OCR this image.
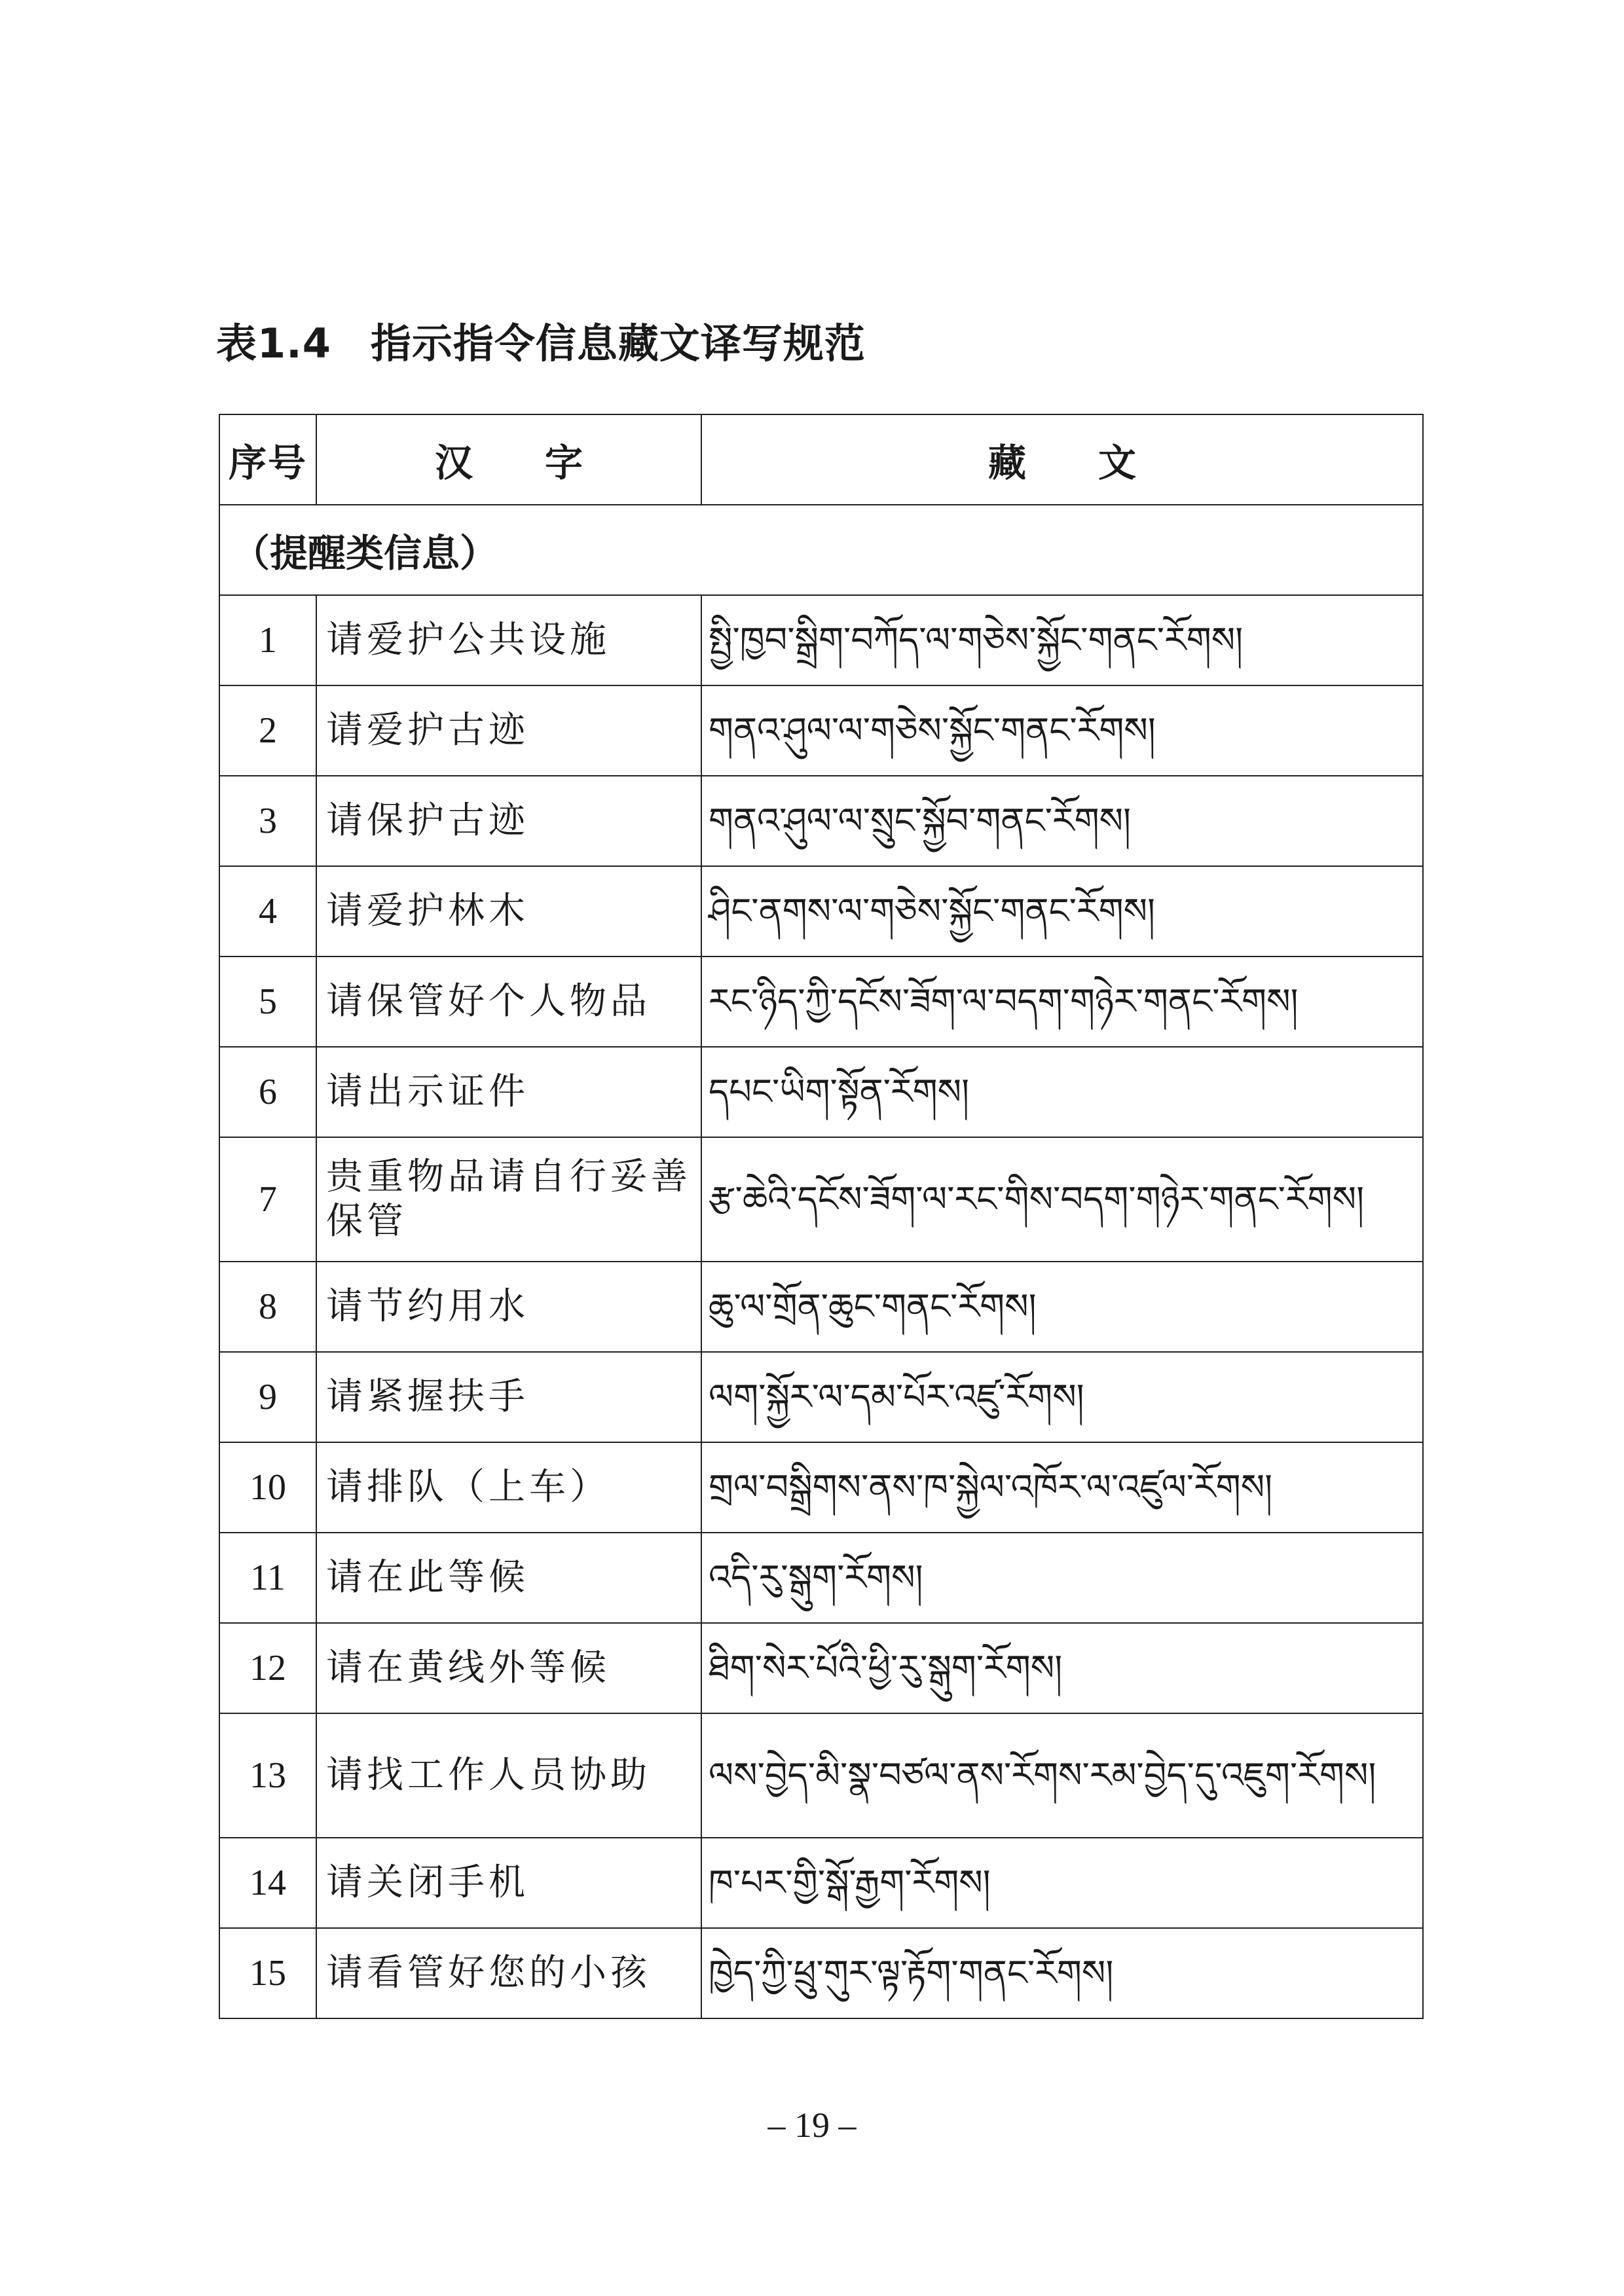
表1.4 指示指令信息藏文译写规范

序号	汉字	藏文
（提醒类信息）		
1	请爱护公共设施	སྤྱི་ཁྱབ་སྒྲིག་བཀོད་ལ་གཅེས་སྐྱོང་གནང་རོགས།
2	请爱护古迹	གནའ་ཤུལ་ལ་གཅེས་སྐྱོང་གནང་རོགས།
3	请保护古迹	གནའ་ཤུལ་ལ་སྲུང་སྐྱོབ་གནང་རོགས།
4	请爱护林木	ཤིང་ནགས་ལ་གཅེས་སྐྱོང་གནང་རོགས།
5	请保管好个人物品	རང་ཉིད་ཀྱི་དངོས་ཟོག་ལ་བདག་གཉེར་གནང་རོགས།
6	请出示证件	དཔང་ཡིག་སྟོན་རོགས།
7	贵重物品请自行妥善保管	རྩ་ཆེའི་དངོས་ཟོག་ལ་རང་གིས་བདག་གཉེར་གནང་རོགས།
8	请节约用水	ཆུ་ལ་གྲོན་ཆུང་གནང་རོགས།
9	请紧握扶手	ལག་སྐྱོར་ལ་དམ་པོར་འཛུ་རོགས།
10	请排队（上车）	གྲལ་བསྒྲིགས་ནས་ཁ་སྐྱེལ་འཁོར་ལ་འཛུལ་རོགས།
11	请在此等候	འདི་རུ་སྒུག་རོགས།
12	请在黄线外等候	ཐིག་སེར་པོའི་ཕྱི་རུ་སྒུག་རོགས།
13	请找工作人员协助	ལས་བྱེད་མི་སྣ་བཙལ་ནས་རོགས་རམ་བྱེད་དུ་འཇུག་རོགས།
14	请关闭手机	ཁ་པར་གྱི་སྒོ་རྒྱག་རོགས།
15	请看管好您的小孩	ཁྱེད་ཀྱི་ཕྲུ་གུར་ལྟ་རྟོག་གནང་རོགས།
– 19 –
